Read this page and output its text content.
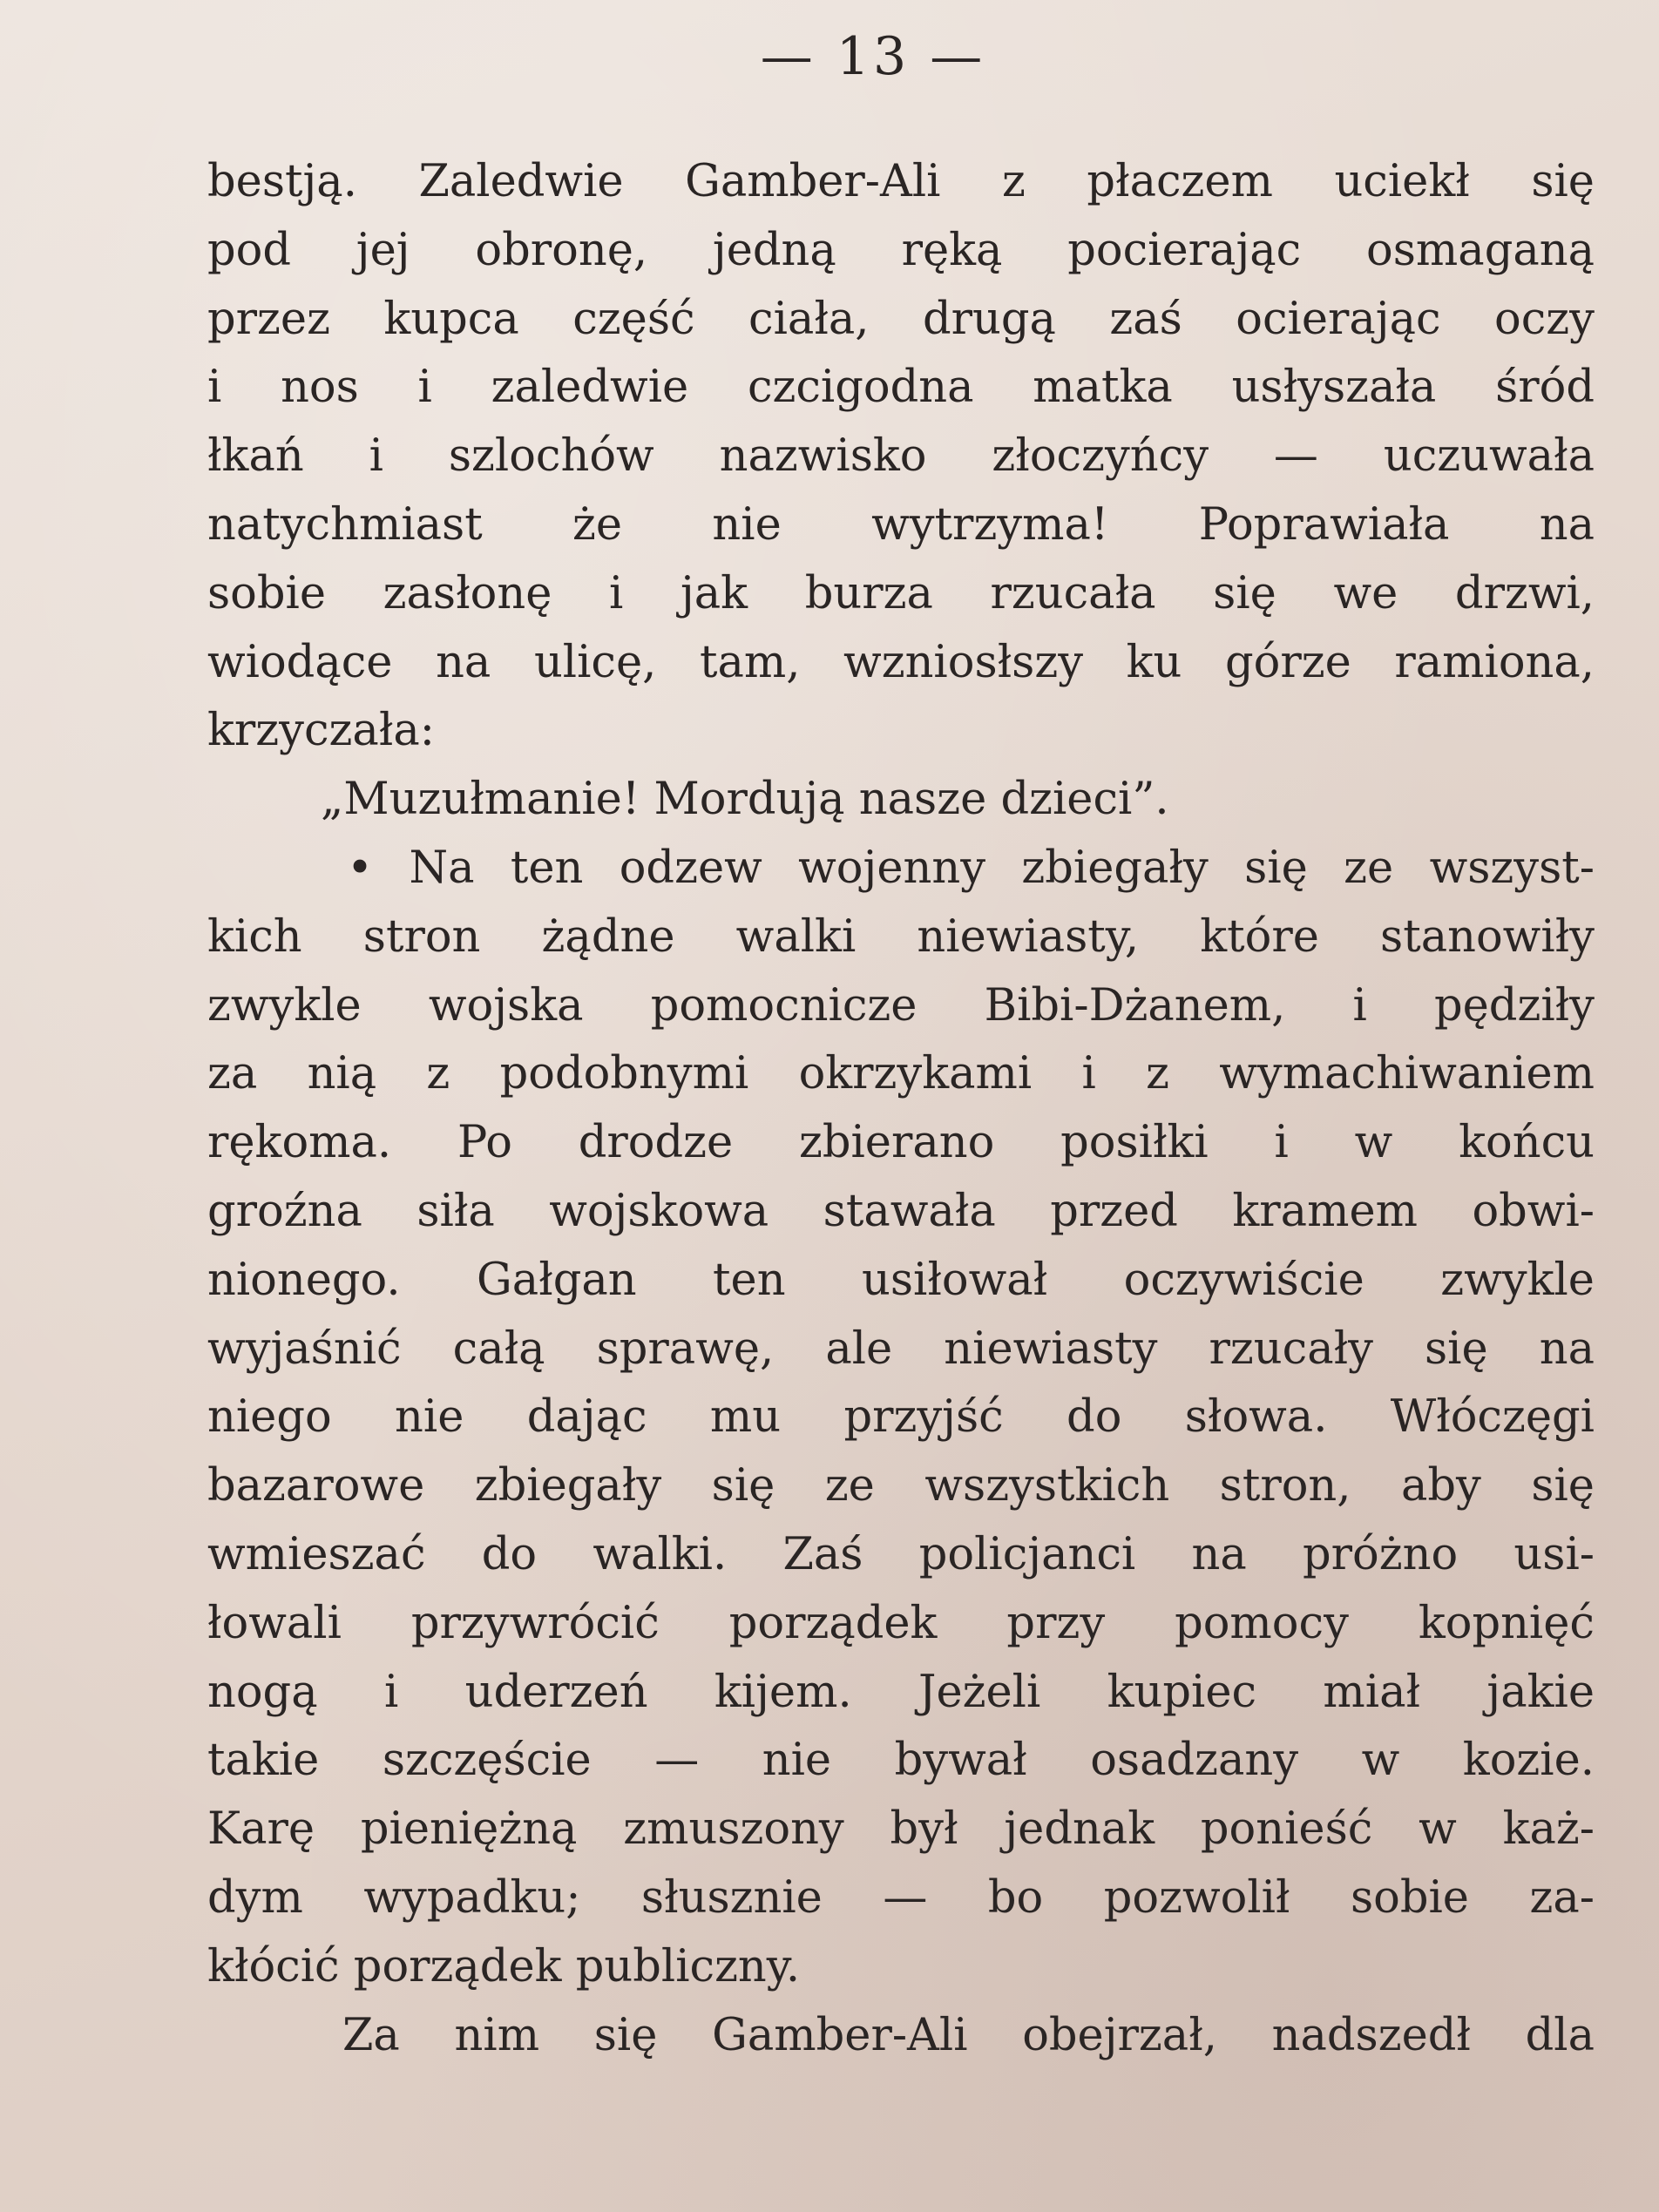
— 13 —
bestją. Zaledwie Gamber-Ali z płaczem uciekł się
pod jej obronę, jedną ręką pocierając osmaganą
przez kupca część ciała, drugą zaś ocierając oczy
i nos i zaledwie czcigodna matka usłyszała śród
łkań i szlochów nazwisko złoczyńcy — uczuwała
natychmiast że nie wytrzyma! Poprawiała na
sobie zasłonę i jak burza rzucała się we drzwi,
wiodące na ulicę, tam, wzniosłszy ku górze ramiona,
krzyczała:
„Muzułmanie! Mordują nasze dzieci”.
• Na ten odzew wojenny zbiegały się ze wszyst-
kich stron żądne walki niewiasty, które stanowiły
zwykle wojska pomocnicze Bibi-Dżanem, i pędziły
za nią z podobnymi okrzykami i z wymachiwaniem
rękoma. Po drodze zbierano posiłki i w końcu
groźna siła wojskowa stawała przed kramem obwi-
nionego. Gałgan ten usiłował oczywiście zwykle
wyjaśnić całą sprawę, ale niewiasty rzucały się na
niego nie dając mu przyjść do słowa. Włóczęgi
bazarowe zbiegały się ze wszystkich stron, aby się
wmieszać do walki. Zaś policjanci na próżno usi-
łowali przywrócić porządek przy pomocy kopnięć
nogą i uderzeń kijem. Jeżeli kupiec miał jakie
takie szczęście — nie bywał osadzany w kozie.
Karę pieniężną zmuszony był jednak ponieść w każ-
dym wypadku; słusznie — bo pozwolił sobie za-
kłócić porządek publiczny.
Za nim się Gamber-Ali obejrzał, nadszedł dla
